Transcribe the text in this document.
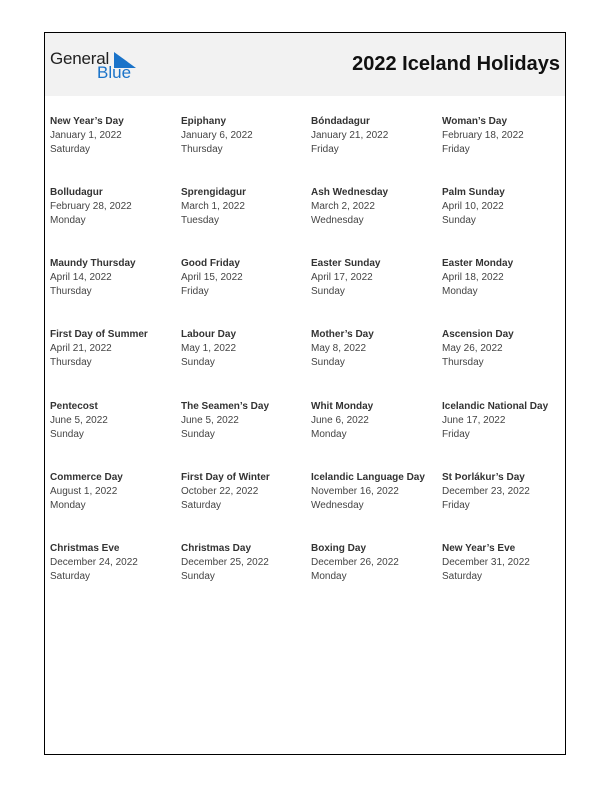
General
Blue	2022 Iceland Holidays
New Year’s Day
January 1, 2022
Saturday
Epiphany
January 6, 2022
Thursday
Bóndadagur
January 21, 2022
Friday
Woman’s Day
February 18, 2022
Friday
Bolludagur
February 28, 2022
Monday
Sprengidagur
March 1, 2022
Tuesday
Ash Wednesday
March 2, 2022
Wednesday
Palm Sunday
April 10, 2022
Sunday
Maundy Thursday
April 14, 2022
Thursday
Good Friday
April 15, 2022
Friday
Easter Sunday
April 17, 2022
Sunday
Easter Monday
April 18, 2022
Monday
First Day of Summer
April 21, 2022
Thursday
Labour Day
May 1, 2022
Sunday
Mother’s Day
May 8, 2022
Sunday
Ascension Day
May 26, 2022
Thursday
Pentecost
June 5, 2022
Sunday
The Seamen’s Day
June 5, 2022
Sunday
Whit Monday
June 6, 2022
Monday
Icelandic National Day
June 17, 2022
Friday
Commerce Day
August 1, 2022
Monday
First Day of Winter
October 22, 2022
Saturday
Icelandic Language Day
November 16, 2022
Wednesday
St Þorlákur’s Day
December 23, 2022
Friday
Christmas Eve
December 24, 2022
Saturday
Christmas Day
December 25, 2022
Sunday
Boxing Day
December 26, 2022
Monday
New Year’s Eve
December 31, 2022
Saturday
